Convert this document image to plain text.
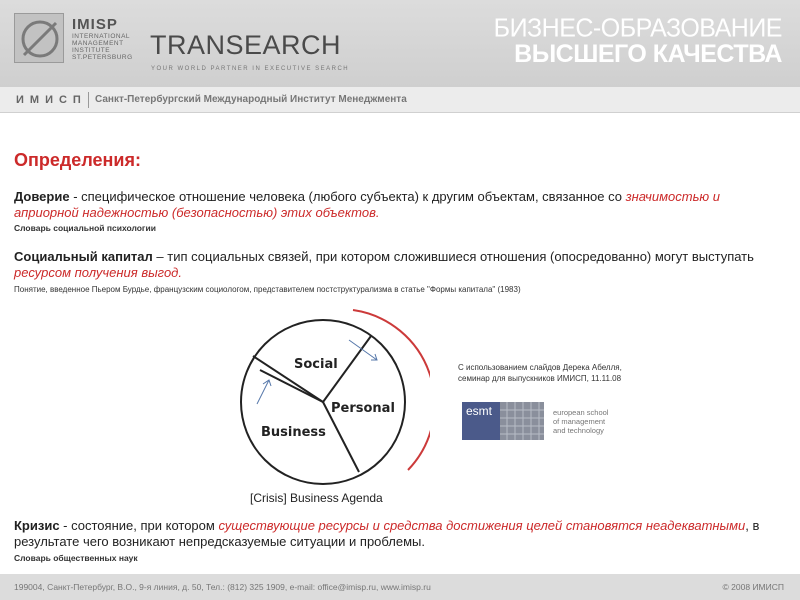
IMISP
INTERNATIONAL
MANAGEMENT
INSTITUTE
ST.PETERSBURG TRANSEARCH
YOUR WORLD PARTNER IN EXECUTIVE SEARCH
БИЗНЕС-ОБРАЗОВАНИЕ
ВЫСШЕГО КАЧЕСТВА
ИМИСП Санкт-Петербургский Международный Институт Менеджмента
Определения:
Доверие - специфическое отношение человека (любого субъекта) к другим объектам, связанное со значимостью и априорной надежностью (безопасностью) этих объектов.
Словарь социальной психологии
Социальный капитал – тип социальных связей, при котором сложившиеся отношения (опосредованно) могут выступать ресурсом получения выгод.
Понятие, введенное Пьером Бурдье, французским социологом, представителем постструктурализма в статье "Формы капитала" (1983)
Social
Personal
Business
[Crisis] Business Agenda
С использованием слайдов Дерека Абелля,
семинар для выпускников ИМИСП, 11.11.08
esmt	european school
of management
and technology
Кризис - состояние, при котором существующие ресурсы и средства достижения целей становятся неадекватными, в результате чего возникают непредсказуемые ситуации и проблемы.
Словарь общественных наук
199004, Санкт-Петербург, В.О., 9-я линия, д. 50, Тел.: (812) 325 1909, e-mail: office@imisp.ru, www.imisp.ru	© 2008 ИМИСП
